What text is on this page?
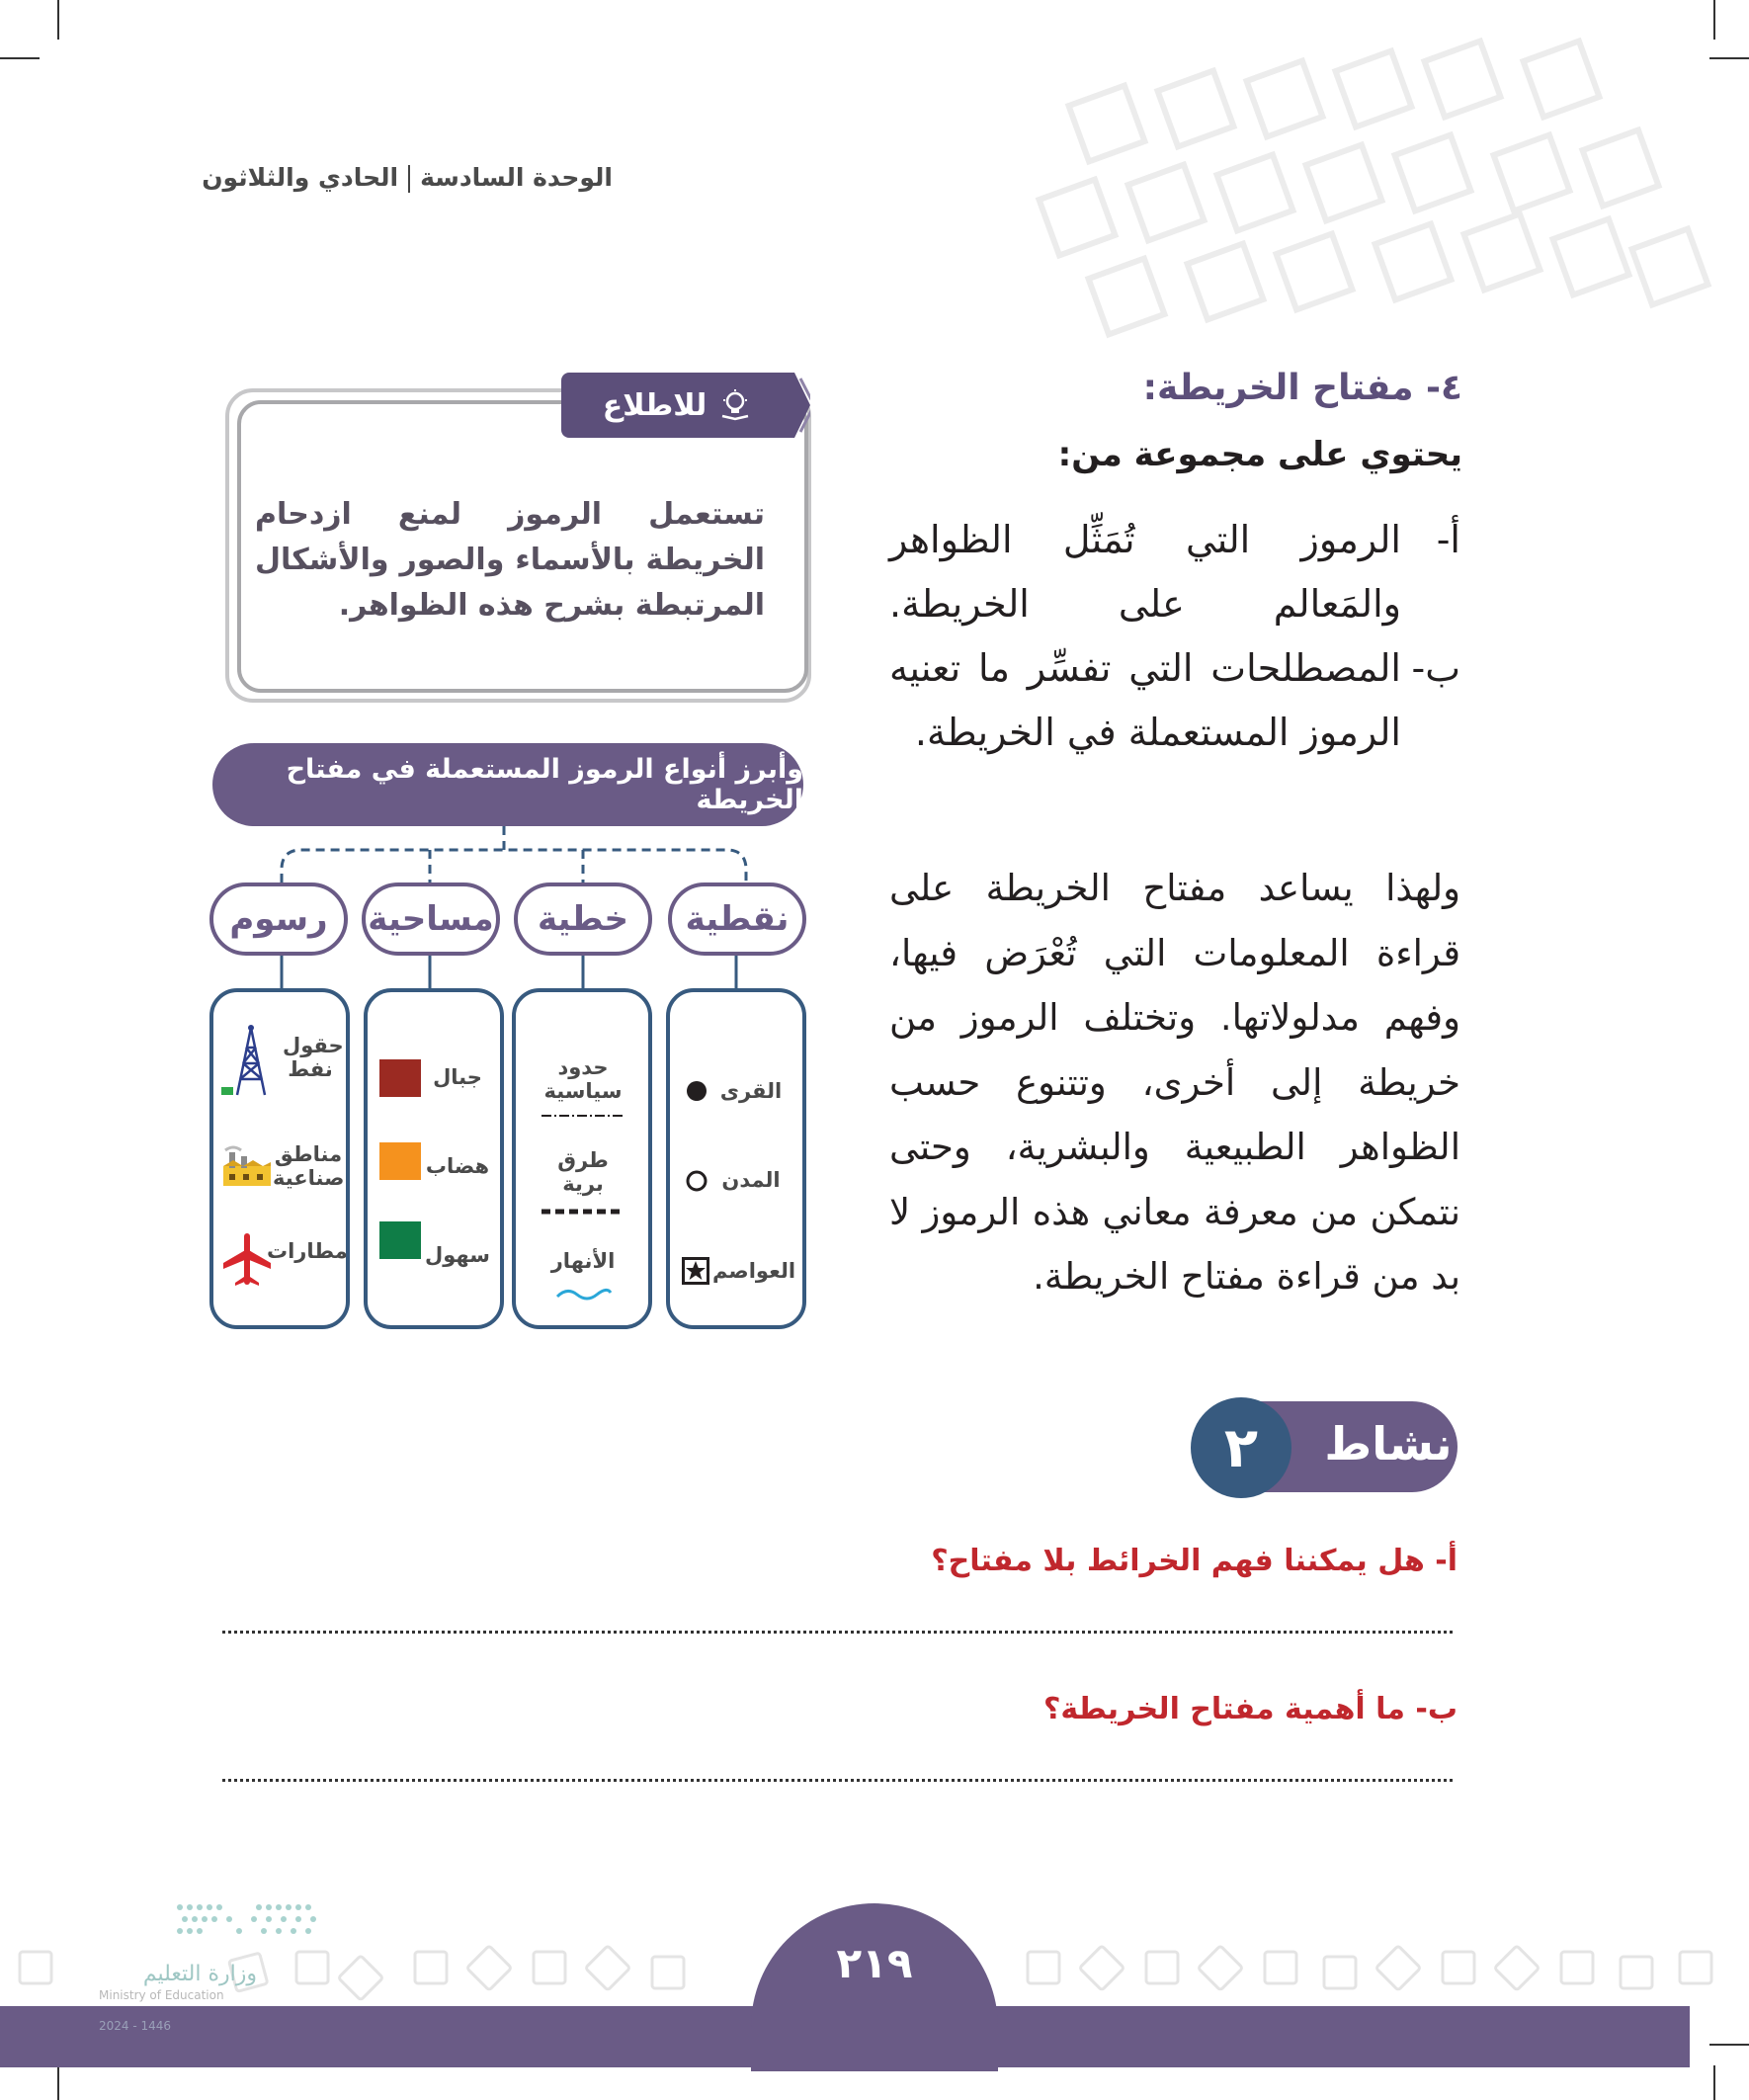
الوحدة السادسةالحادي والثلاثون
٤- مفتاح الخريطة:
يحتوي على مجموعة من:
أ-
الرموز التي تُمَثِّل الظواهر والمَعالم على الخريطة.
ب-
المصطلحات التي تفسِّر ما تعنيه الرموز المستعملة في الخريطة.
ولهذا يساعد مفتاح الخريطة على قراءة المعلومات التي تُعْرَض فيها، وفهم مدلولاتها. وتختلف الرموز من خريطة إلى أخرى، وتتنوع حسب الظواهر الطبيعية والبشرية، وحتى نتمكن من معرفة معاني هذه الرموز لا بد من قراءة مفتاح الخريطة.
للاطلاع
تستعمل الرموز لمنع ازدحام الخريطة بالأسماء والصور والأشكال المرتبطة بشرح هذه الظواهر.
وأبرز أنواع الرموز المستعملة في مفتاح الخريطة
نقطية
خطية
مساحية
رسوم
القرى
المدن
العواصم
حدود سياسية
طرق برية
الأنهار
جبال
هضاب
سهول
حقول نفط
مناطق صناعية
مطارات
نشاط
٢
أ- هل يمكننا فهم الخرائط بلا مفتاح؟
ب- ما أهمية مفتاح الخريطة؟
٢١٩
وزارة التعليم
Ministry of Education
2024 - 1446
